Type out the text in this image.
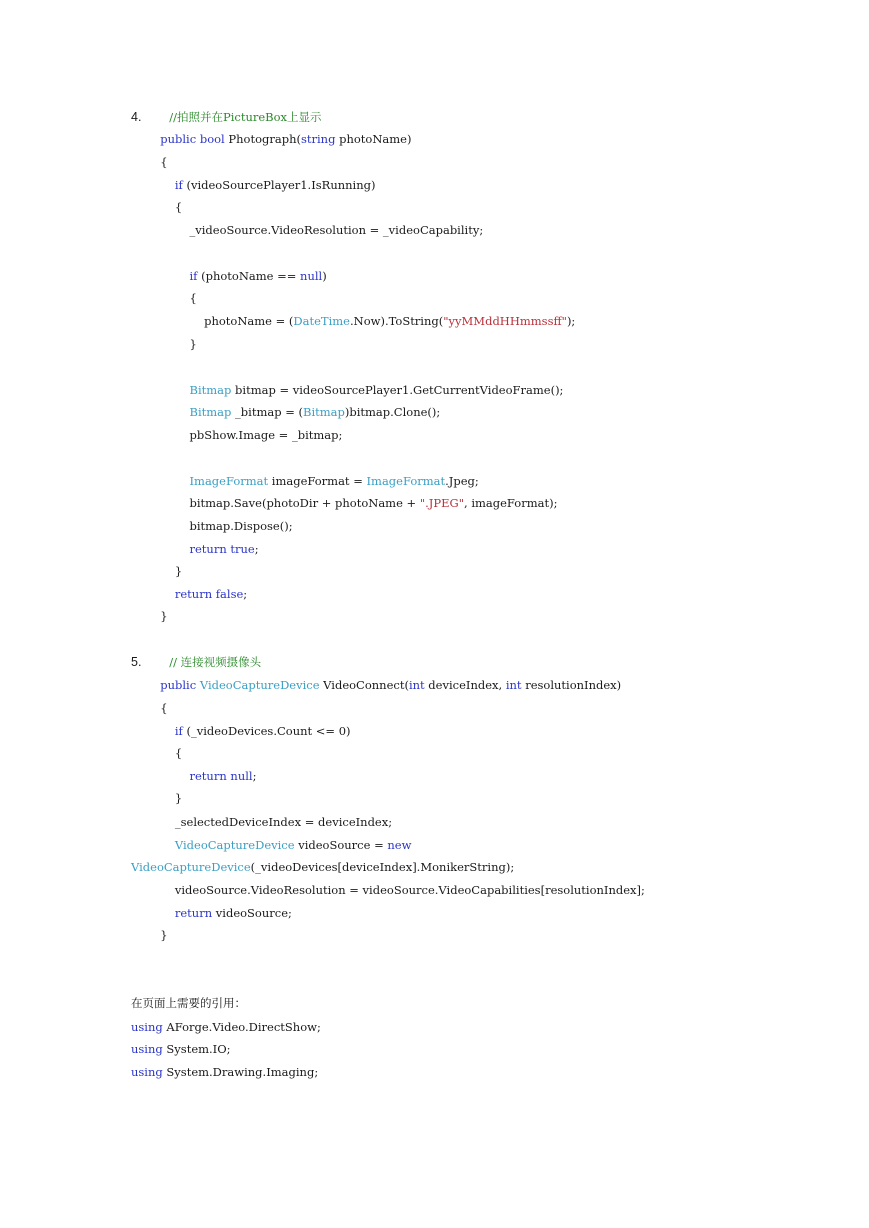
4.        //拍照并在PictureBox上显示
public bool Photograph(string photoName)
{
if (videoSourcePlayer1.IsRunning)
{
_videoSource.VideoResolution = _videoCapability;
if (photoName == null)
{
photoName = (DateTime.Now).ToString("yyMMddHHmmssff");
}
Bitmap bitmap = videoSourcePlayer1.GetCurrentVideoFrame();
Bitmap _bitmap = (Bitmap)bitmap.Clone();
pbShow.Image = _bitmap;
ImageFormat imageFormat = ImageFormat.Jpeg;
bitmap.Save(photoDir + photoName + ".JPEG", imageFormat);
bitmap.Dispose();
return true;
}
return false;
}
5.        // 连接视频摄像头
public VideoCaptureDevice VideoConnect(int deviceIndex, int resolutionIndex)
{
if (_videoDevices.Count <= 0)
{
return null;
}
_selectedDeviceIndex = deviceIndex;
VideoCaptureDevice videoSource = new
VideoCaptureDevice(_videoDevices[deviceIndex].MonikerString);
videoSource.VideoResolution = videoSource.VideoCapabilities[resolutionIndex];
return videoSource;
}
在页面上需要的引用：
using AForge.Video.DirectShow;
using System.IO;
using System.Drawing.Imaging;
